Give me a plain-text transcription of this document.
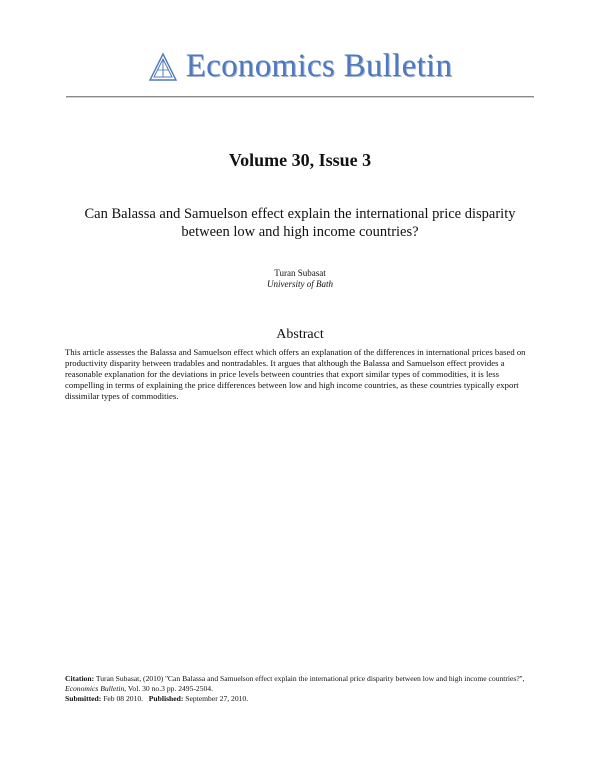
Economics Bulletin
Volume 30, Issue 3
Can Balassa and Samuelson effect explain the international price disparity between low and high income countries?
Turan Subasat
University of Bath
Abstract
This article assesses the Balassa and Samuelson effect which offers an explanation of the differences in international prices based on productivity disparity between tradables and nontradables. It argues that although the Balassa and Samuelson effect provides a reasonable explanation for the deviations in price levels between countries that export similar types of commodities, it is less compelling in terms of explaining the price differences between low and high income countries, as these countries typically export dissimilar types of commodities.
Citation: Turan Subasat, (2010) ''Can Balassa and Samuelson effect explain the international price disparity between low and high income countries?'', Economics Bulletin, Vol. 30 no.3 pp. 2495-2504.
Submitted: Feb 08 2010. Published: September 27, 2010.
